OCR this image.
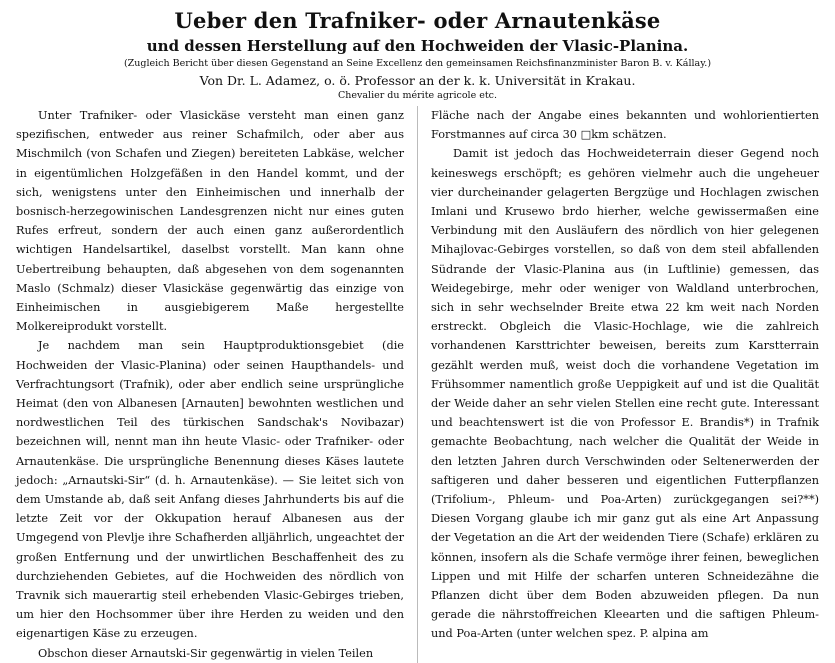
Ueber den Trafniker- oder Arnautenkäse
und dessen Herstellung auf den Hochweiden der Vlasic-Planina.
(Zugleich Bericht über diesen Gegenstand an Seine Excellenz den gemeinsamen Reichsfinanzminister Baron B. v. Kállay.)
Von Dr. L. Adamez, o. ö. Professor an der k. k. Universität in Krakau.
Chevalier du mérite agricole etc.

Unter Trafniker- oder Vlasickäse versteht man einen ganz spezifischen, entweder aus reiner Schafmilch, oder aber aus Mischmilch (von Schafen und Ziegen) bereiteten Labkäse, welcher in eigentümlichen Holzgefäßen in den Handel kommt, und der sich, wenigstens unter den Einheimischen und innerhalb der bosnisch-herzegowinischen Landesgrenzen nicht nur eines guten Rufes erfreut, sondern der auch einen ganz außerordentlich wichtigen Handelsartikel, daselbst vorstellt. Man kann ohne Uebertreibung behaupten, daß abgesehen von dem sogenannten Maslo (Schmalz) dieser Vlasickäse gegenwärtig das einzige von Einheimischen in ausgiebigerem Maße hergestellte Molkereiprodukt vorstellt.

Je nachdem man sein Hauptproduktionsgebiet (die Hochweiden der Vlasic-Planina) oder seinen Haupthandels- und Verfrachtungsort (Trafnik), oder aber endlich seine ursprüngliche Heimat (den von Albanesen [Arnauten] bewohnten westlichen und nordwestlichen Teil des türkischen Sandschak's Novibazar) bezeichnen will, nennt man ihn heute Vlasic- oder Trafniker- oder Arnautenkäse. Die ursprüngliche Benennung dieses Käses lautete jedoch: „Arnautski-Sir“ (d. h. Arnautenkäse). — Sie leitet sich von dem Umstande ab, daß seit Anfang dieses Jahrhunderts bis auf die letzte Zeit vor der Okkupation herauf Albanesen aus der Umgegend von Plevlje ihre Schafherden alljährlich, ungeachtet der großen Entfernung und der unwirtlichen Beschaffenheit des zu durchziehenden Gebietes, auf die Hochweiden des nördlich von Travnik sich mauerartig steil erhebenden Vlasic-Gebirges trieben, um hier den Hochsommer über ihre Herden zu weiden und den eigenartigen Käse zu erzeugen.

Obschon dieser Arnautski-Sir gegenwärtig in vielen Teilen

Fläche nach der Angabe eines bekannten und wohlorientierten Forstmannes auf circa 30 □km schätzen.

Damit ist jedoch das Hochweideterrain dieser Gegend noch keineswegs erschöpft; es gehören vielmehr auch die ungeheuer vier durcheinander gelagerten Bergzüge und Hochlagen zwischen Imlani und Krusewo brdo hierher, welche gewissermaßen eine Verbindung mit den Ausläufern des nördlich von hier gelegenen Mihajlovac-Gebirges vorstellen, so daß von dem steil abfallenden Südrande der Vlasic-Planina aus (in Luftlinie) gemessen, das Weidegebirge, mehr oder weniger von Waldland unterbrochen, sich in sehr wechselnder Breite etwa 22 km weit nach Norden erstreckt. Obgleich die Vlasic-Hochlage, wie die zahlreich vorhandenen Karsttrichter beweisen, bereits zum Karstterrain gezählt werden muß, weist doch die vorhandene Vegetation im Frühsommer namentlich große Ueppigkeit auf und ist die Qualität der Weide daher an sehr vielen Stellen eine recht gute. Interessant und beachtenswert ist die von Professor E. Brandis*) in Trafnik gemachte Beobachtung, nach welcher die Qualität der Weide in den letzten Jahren durch Verschwinden oder Seltenerwerden der saftigeren und daher besseren und eigentlichen Futterpflanzen (Trifolium-, Phleum- und Poa-Arten) zurückgegangen sei?**) Diesen Vorgang glaube ich mir ganz gut als eine Art Anpassung der Vegetation an die Art der weidenden Tiere (Schafe) erklären zu können, insofern als die Schafe vermöge ihrer feinen, beweglichen Lippen und mit Hilfe der scharfen unteren Schneidezähne die Pflanzen dicht über dem Boden abzuweiden pflegen. Da nun gerade die nährstoffreichen Kleearten und die saftigen Phleum- und Poa-Arten (unter welchen spez. P. alpina am
